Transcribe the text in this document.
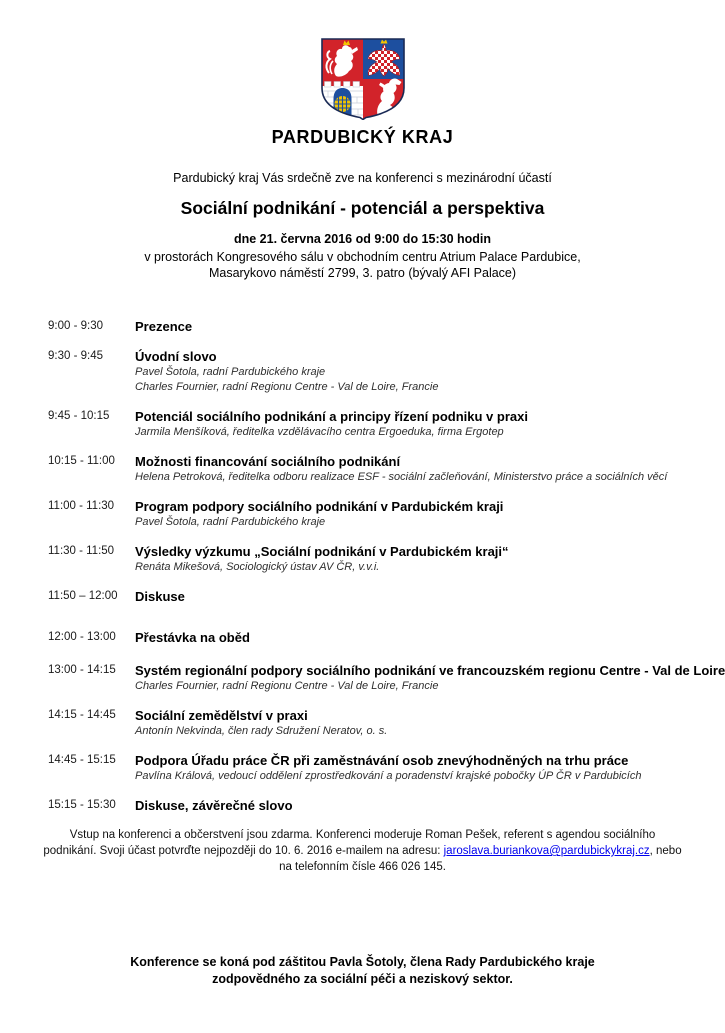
PARDUBICKÝ KRAJ
Pardubický kraj Vás srdečně zve na konferenci s mezinárodní účastí
Sociální podnikání - potenciál a perspektiva
dne 21. června 2016 od 9:00 do 15:30 hodin
v prostorách Kongresového sálu v obchodním centru Atrium Palace Pardubice,
Masarykovo náměstí 2799, 3. patro (bývalý AFI Palace)
9:00 - 9:30	Prezence
9:30 - 9:45	Úvodní slovo
Pavel Šotola, radní Pardubického kraje
Charles Fournier, radní Regionu Centre - Val de Loire, Francie
9:45 - 10:15	Potenciál sociálního podnikání a principy řízení podniku v praxi
Jarmila Menšíková, ředitelka vzdělávacího centra Ergoeduka, firma Ergotep
10:15 - 11:00	Možnosti financování sociálního podnikání
Helena Petroková, ředitelka odboru realizace ESF - sociální začleňování, Ministerstvo práce a sociálních věcí
11:00 - 11:30	Program podpory sociálního podnikání v Pardubickém kraji
Pavel Šotola, radní Pardubického kraje
11:30 - 11:50	Výsledky výzkumu „Sociální podnikání v Pardubickém kraji“
Renáta Mikešová, Sociologický ústav AV ČR, v.v.i.
11:50 – 12:00	Diskuse
12:00 - 13:00	Přestávka na oběd
13:00 - 14:15	Systém regionální podpory sociálního podnikání ve francouzském regionu Centre - Val de Loire
Charles Fournier, radní Regionu Centre - Val de Loire, Francie
14:15 - 14:45	Sociální zemědělství v praxi
Antonín Nekvinda, člen rady Sdružení Neratov, o. s.
14:45 - 15:15	Podpora Úřadu práce ČR při zaměstnávání osob znevýhodněných na trhu práce
Pavlína Králová, vedoucí oddělení zprostředkování a poradenství krajské pobočky ÚP ČR v Pardubicích
15:15 - 15:30	Diskuse, závěrečné slovo
Vstup na konferenci a občerstvení jsou zdarma. Konferenci moderuje Roman Pešek, referent s agendou sociálního
podnikání. Svoji účast potvrďte nejpozději do 10. 6. 2016 e-mailem na adresu: jaroslava.buriankova@pardubickykraj.cz, nebo
na telefonním čísle 466 026 145.
Konference se koná pod záštitou Pavla Šotoly, člena Rady Pardubického kraje
zodpovědného za sociální péči a neziskový sektor.
